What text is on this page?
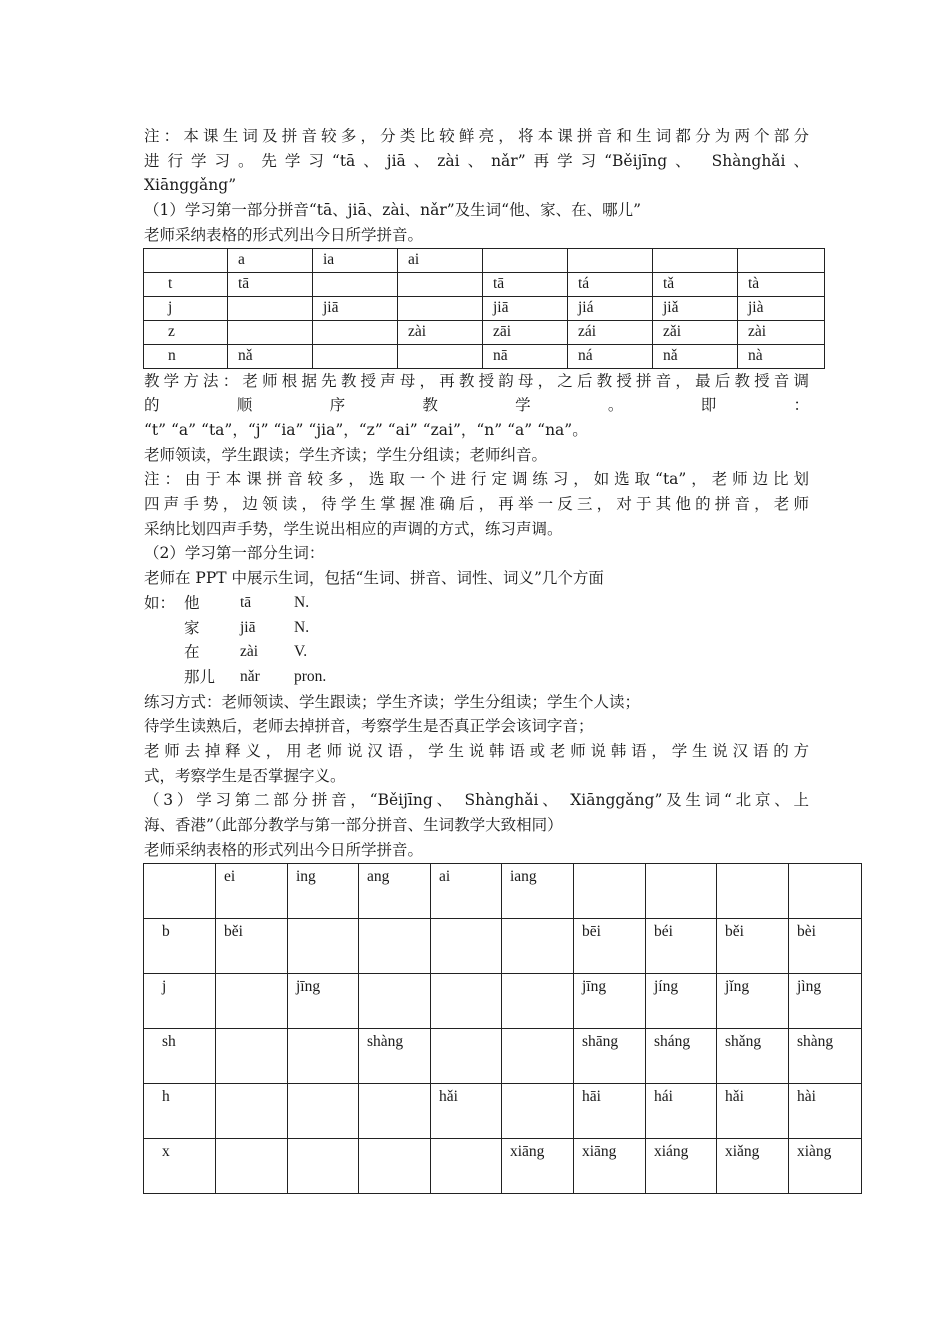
注：本课生词及拼音较多，分类比较鲜亮，将本课拼音和生词都分为两个部分

进行学习。先学习“tā、jiā、zài、nǎr”再学习“Běijīng、 Shànghǎi、

Xiānggǎng”

（1）学习第一部分拼音“tā、jiā、zài、nǎr”及生词“他、家、在、哪儿”

老师采纳表格的形式列出今日所学拼音。

	a	ia	ai				
t	tā			tā	tá	tǎ	tà
j		jiā		jiā	jiá	jiǎ	jià
z			zài	zāi	zái	zǎi	zài
n	nǎ			nā	ná	nǎ	nà

教学方法：老师根据先教授声母，再教授韵母，之后教授拼音，最后教授音调

的	顺	序	教	学	。	即	：

“t” “a” “ta”，“j” “ia” “jia”，“z” “ai” “zai”，“n” “a” “na”。

老师领读，学生跟读；学生齐读；学生分组读；老师纠音。

注：由于本课拼音较多，选取一个进行定调练习，如选取“ta”，老师边比划

四声手势，边领读，待学生掌握准确后，再举一反三，对于其他的拼音，老师

采纳比划四声手势，学生说出相应的声调的方式，练习声调。

（2）学习第一部分生词：

老师在 PPT 中展示生词，包括“生词、拼音、词性、词义”几个方面

如： 他	tā	N.
家	jiā	N.
在	zài	V.
那儿	nǎr	pron.

练习方式：老师领读、学生跟读；学生齐读；学生分组读；学生个人读；

待学生读熟后，老师去掉拼音，考察学生是否真正学会该词字音；

老师去掉释义，用老师说汉语，学生说韩语或老师说韩语，学生说汉语的方

式，考察学生是否掌握字义。

（3）学习第二部分拼音，“Běijīng、 Shànghǎi、 Xiānggǎng”及生词“北京、上

海、香港”（此部分教学与第一部分拼音、生词教学大致相同）

老师采纳表格的形式列出今日所学拼音。

	ei	ing	ang	ai	iang				
b	běi					bēi	béi	běi	bèi
j		jīng				jīng	jíng	jǐng	jìng
sh			shàng			shāng	sháng	shǎng	shàng
h				hǎi		hāi	hái	hǎi	hài
x					xiāng	xiāng	xiáng	xiǎng	xiàng
